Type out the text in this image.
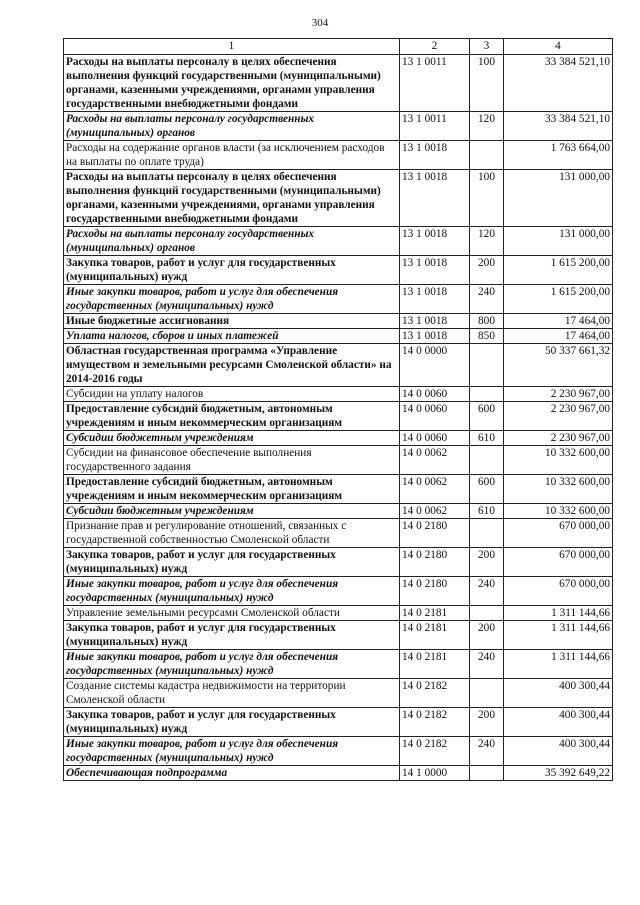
304
1	2	3	4
Расходы на выплаты персоналу в целях обеспечения выполнения функций государственными (муниципальными) органами, казенными учреждениями, органами управления государственными внебюджетными фондами	13 1 0011	100	33 384 521,10
Расходы на выплаты персоналу государственных (муниципальных) органов	13 1 0011	120	33 384 521,10
Расходы на содержание органов власти (за исключением расходов на выплаты по оплате труда)	13 1 0018		1 763 664,00
Расходы на выплаты персоналу в целях обеспечения выполнения функций государственными (муниципальными) органами, казенными учреждениями, органами управления государственными внебюджетными фондами	13 1 0018	100	131 000,00
Расходы на выплаты персоналу государственных (муниципальных) органов	13 1 0018	120	131 000,00
Закупка товаров, работ и услуг для государственных (муниципальных) нужд	13 1 0018	200	1 615 200,00
Иные закупки товаров, работ и услуг для обеспечения государственных (муниципальных) нужд	13 1 0018	240	1 615 200,00
Иные бюджетные ассигнования	13 1 0018	800	17 464,00
Уплата налогов, сборов и иных платежей	13 1 0018	850	17 464,00
Областная государственная программа «Управление имуществом и земельными ресурсами Смоленской области» на 2014-2016 годы	14 0 0000		50 337 661,32
Субсидии на уплату налогов	14 0 0060		2 230 967,00
Предоставление субсидий бюджетным, автономным учреждениям и иным некоммерческим организациям	14 0 0060	600	2 230 967,00
Субсидии бюджетным учреждениям	14 0 0060	610	2 230 967,00
Субсидии на финансовое обеспечение выполнения государственного задания	14 0 0062		10 332 600,00
Предоставление субсидий бюджетным, автономным учреждениям и иным некоммерческим организациям	14 0 0062	600	10 332 600,00
Субсидии бюджетным учреждениям	14 0 0062	610	10 332 600,00
Признание прав и регулирование отношений, связанных с государственной собственностью Смоленской области	14 0 2180		670 000,00
Закупка товаров, работ и услуг для государственных (муниципальных) нужд	14 0 2180	200	670 000,00
Иные закупки товаров, работ и услуг для обеспечения государственных (муниципальных) нужд	14 0 2180	240	670 000,00
Управление земельными ресурсами Смоленской области	14 0 2181		1 311 144,66
Закупка товаров, работ и услуг для государственных (муниципальных) нужд	14 0 2181	200	1 311 144,66
Иные закупки товаров, работ и услуг для обеспечения государственных (муниципальных) нужд	14 0 2181	240	1 311 144,66
Создание системы кадастра недвижимости на территории Смоленской области	14 0 2182		400 300,44
Закупка товаров, работ и услуг для государственных (муниципальных) нужд	14 0 2182	200	400 300,44
Иные закупки товаров, работ и услуг для обеспечения государственных (муниципальных) нужд	14 0 2182	240	400 300,44
Обеспечивающая подпрограмма	14 1 0000		35 392 649,22
